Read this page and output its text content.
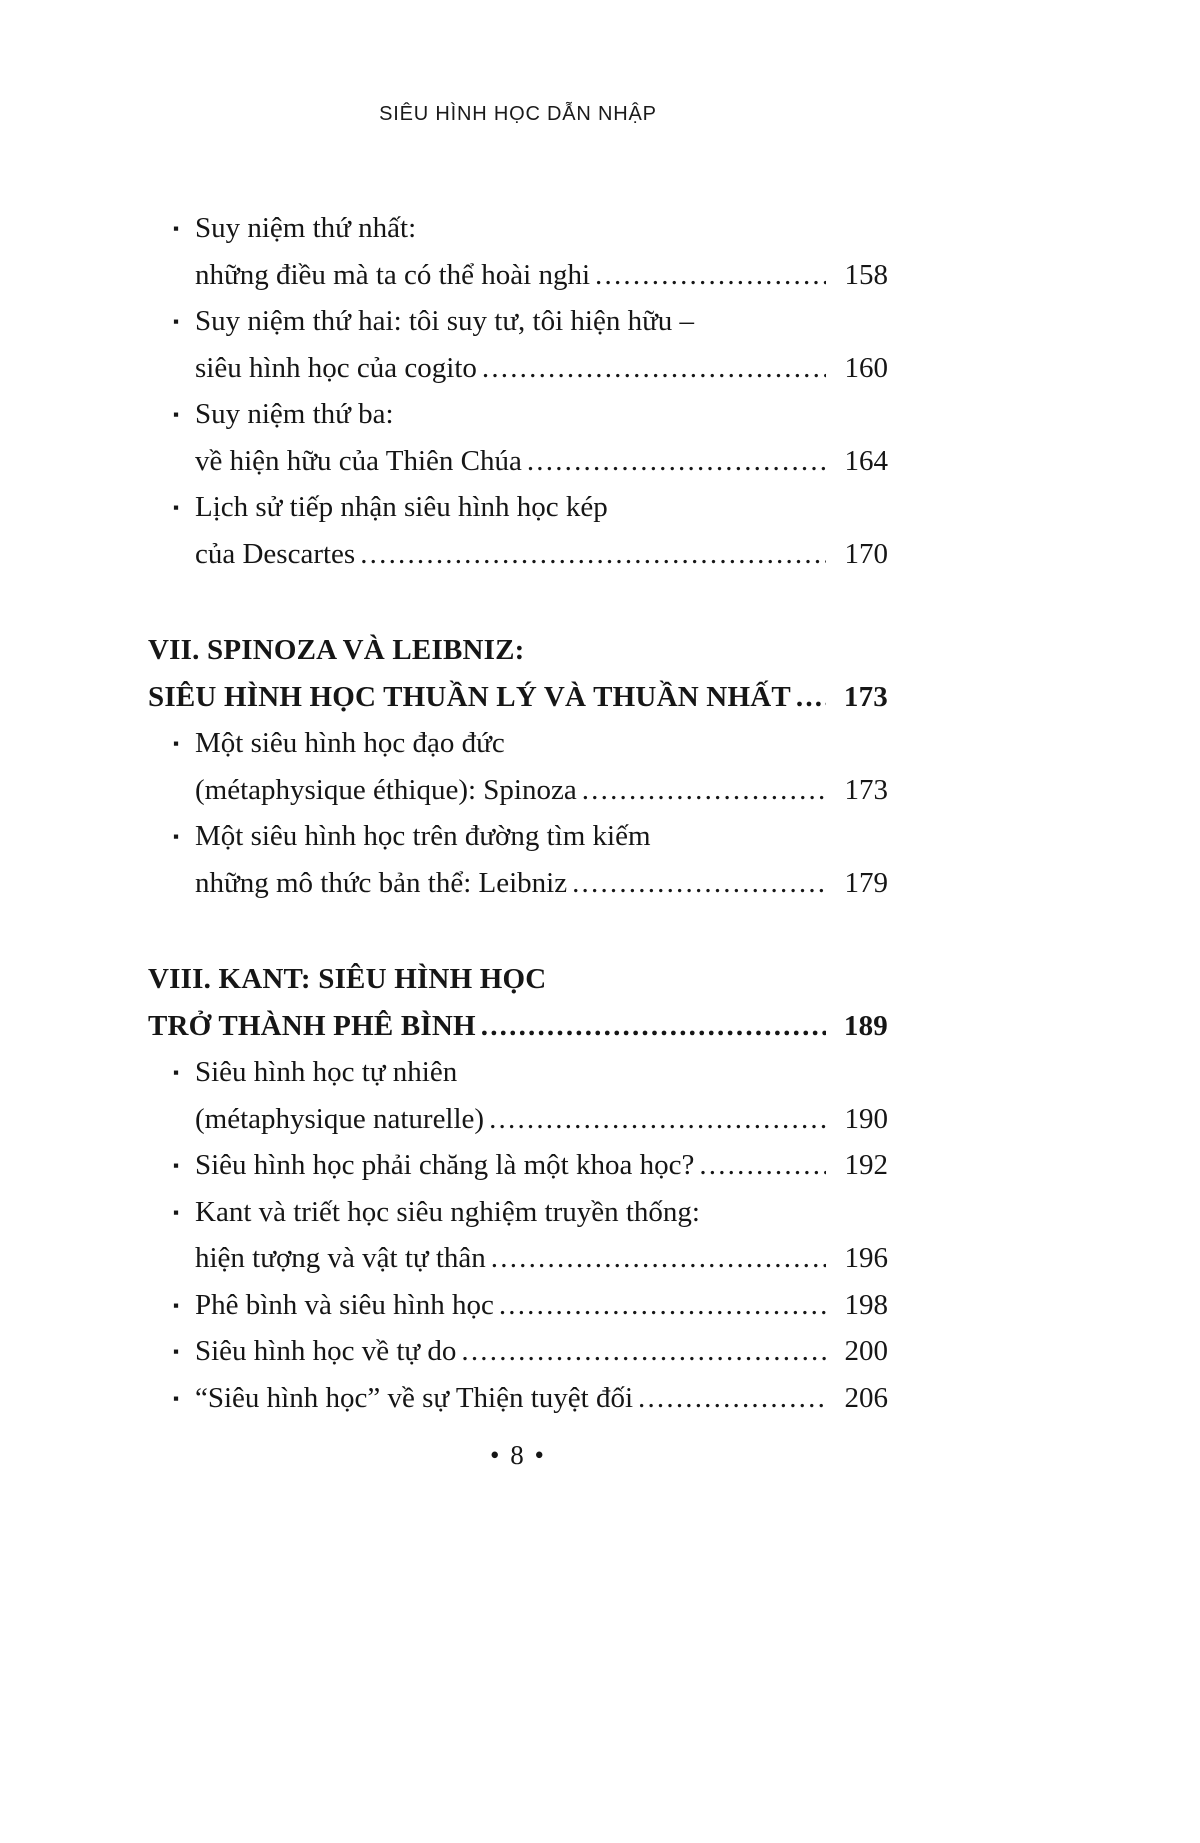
SIÊU HÌNH HỌC DẪN NHẬP
▪ Suy niệm thứ nhất:
những điều mà ta có thể hoài nghi .....	158
▪ Suy niệm thứ hai: tôi suy tư, tôi hiện hữu –
siêu hình học của cogito .....	160
▪ Suy niệm thứ ba:
về hiện hữu của Thiên Chúa .....	164
▪ Lịch sử tiếp nhận siêu hình học kép
của Descartes .....	170
VII. SPINOZA VÀ LEIBNIZ:
SIÊU HÌNH HỌC THUẦN LÝ VÀ THUẦN NHẤT .....	173
▪ Một siêu hình học đạo đức
(métaphysique éthique): Spinoza .....	173
▪ Một siêu hình học trên đường tìm kiếm
những mô thức bản thể: Leibniz .....	179
VIII. KANT: SIÊU HÌNH HỌC
TRỞ THÀNH PHÊ BÌNH .....	189
▪ Siêu hình học tự nhiên
(métaphysique naturelle) .....	190
▪ Siêu hình học phải chăng là một khoa học? .....	192
▪ Kant và triết học siêu nghiệm truyền thống:
hiện tượng và vật tự thân .....	196
▪ Phê bình và siêu hình học .....	198
▪ Siêu hình học về tự do .....	200
▪ “Siêu hình học” về sự Thiện tuyệt đối .....	206
• 8 •
